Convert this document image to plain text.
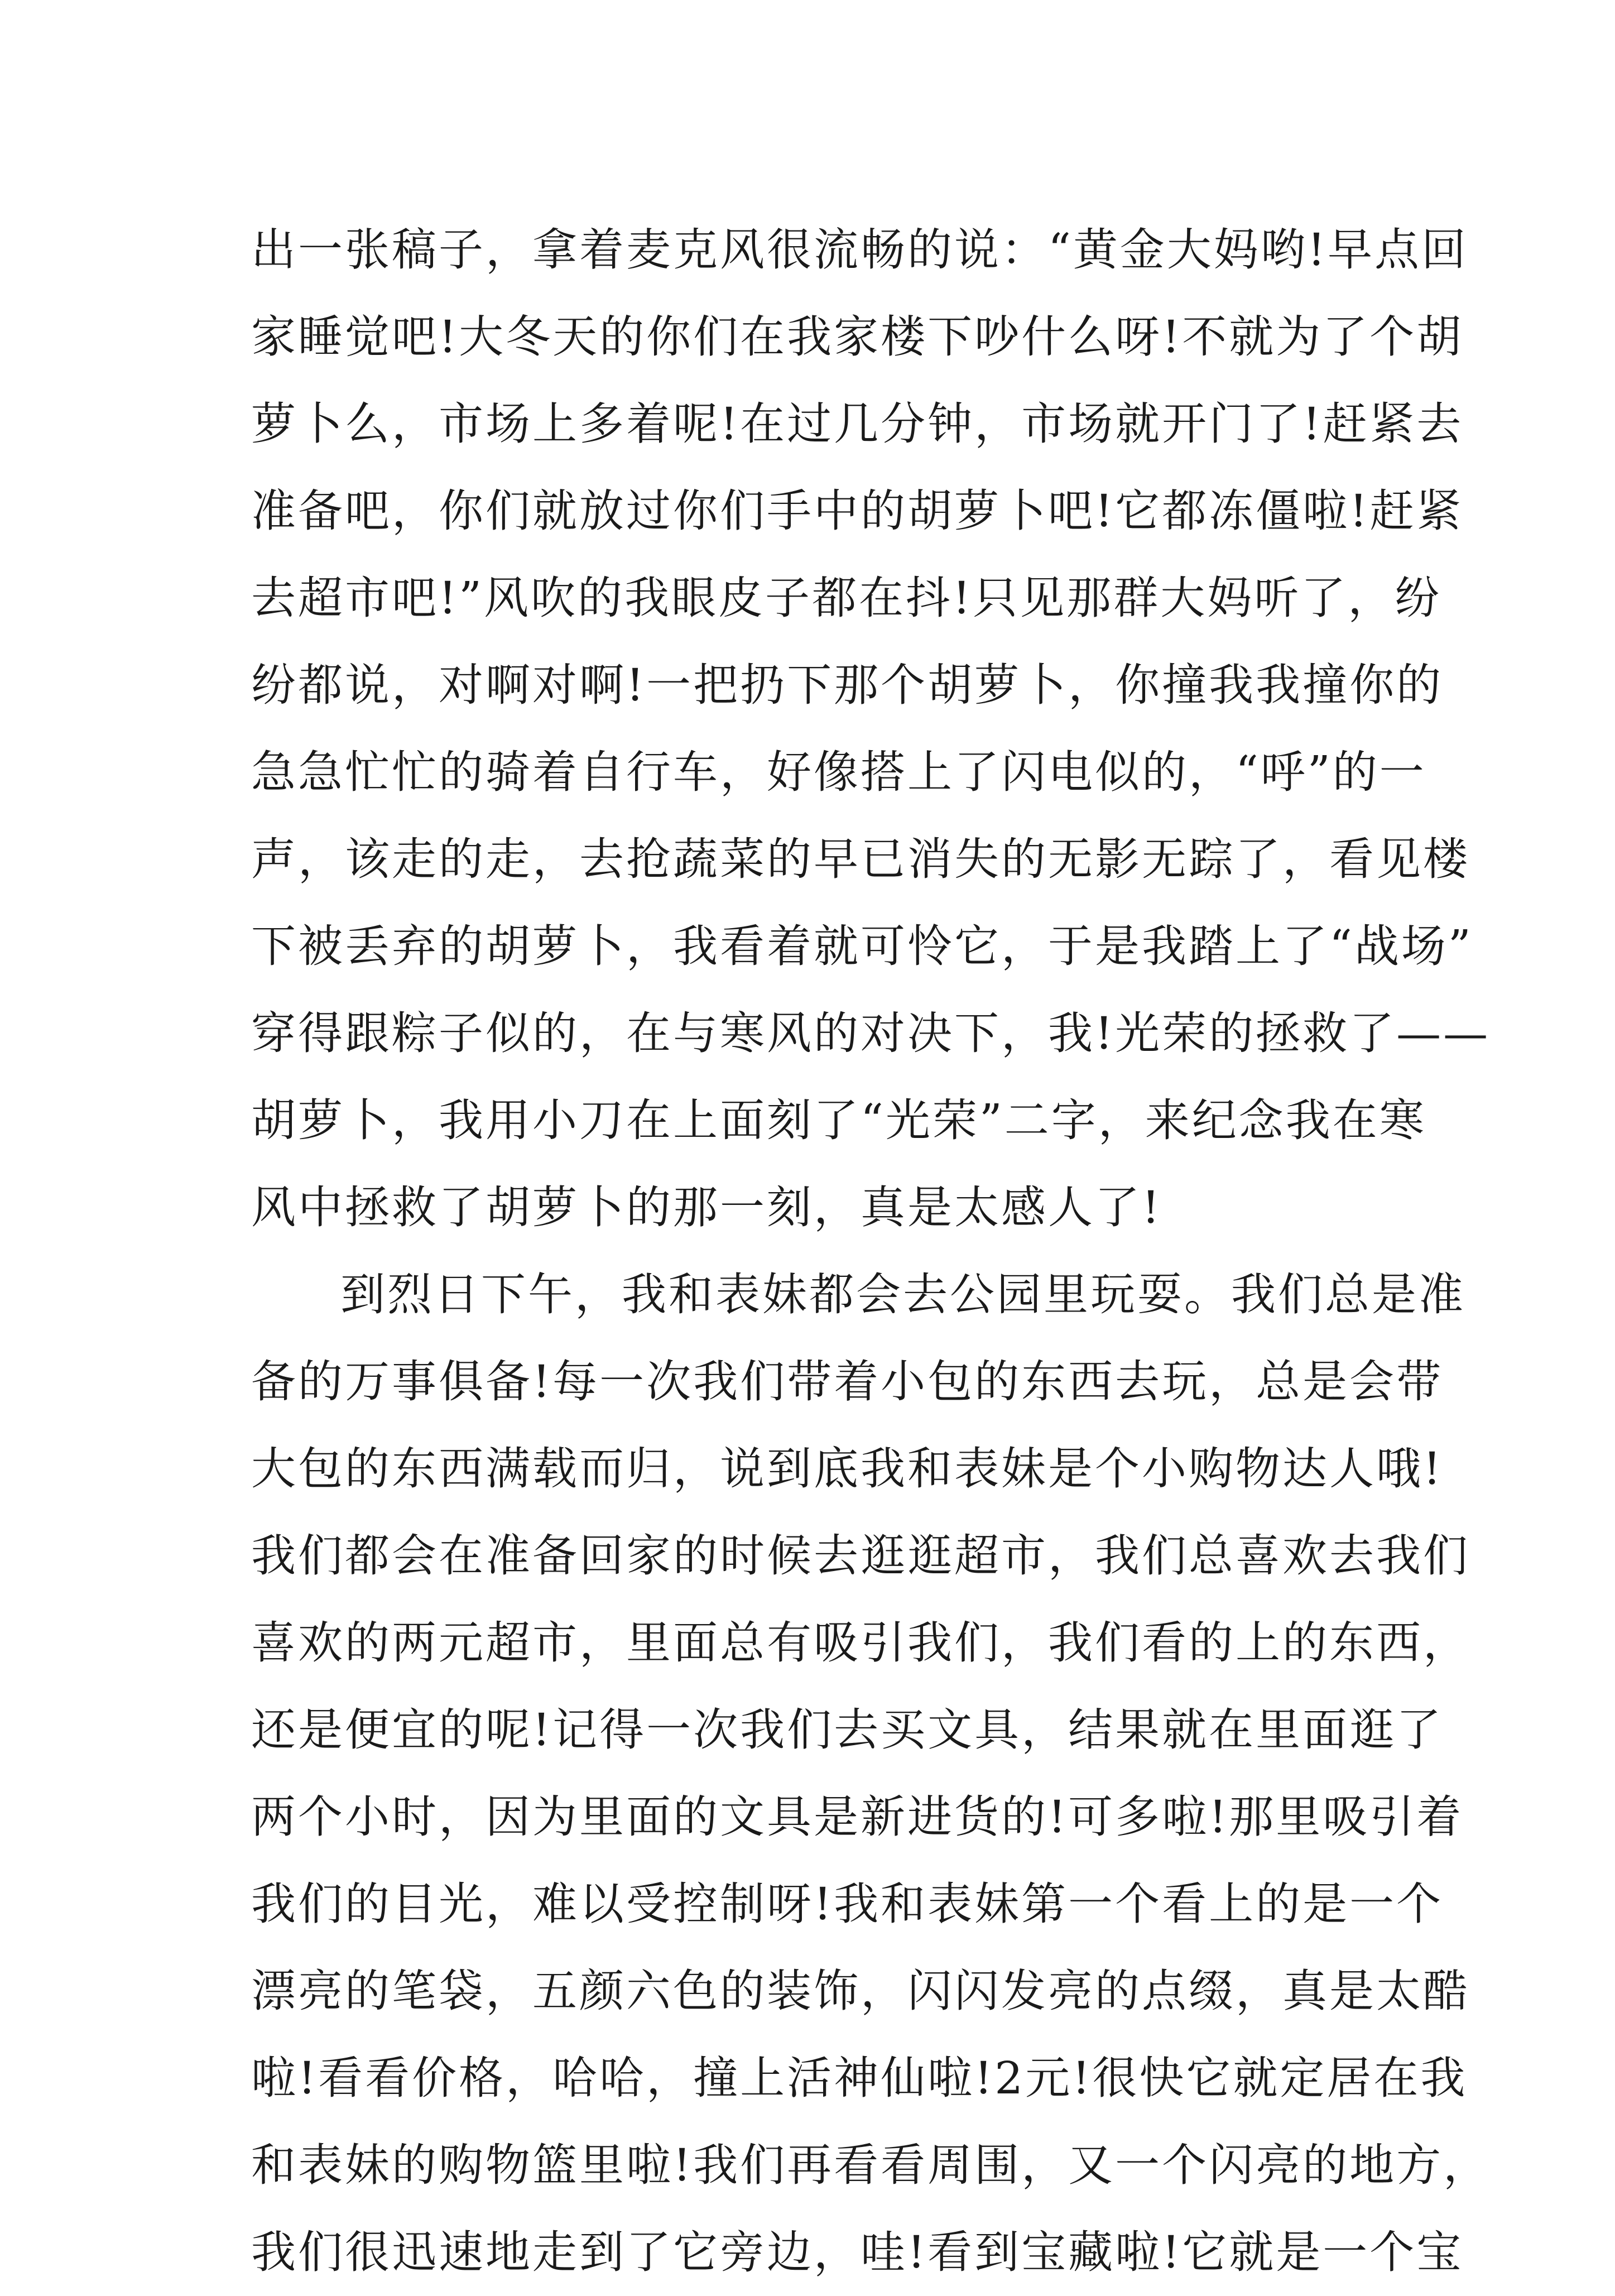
出一张稿子，拿着麦克风很流畅的说：“黄金大妈哟!早点回
家睡觉吧!大冬天的你们在我家楼下吵什么呀!不就为了个胡
萝卜么，市场上多着呢!在过几分钟，市场就开门了!赶紧去
准备吧，你们就放过你们手中的胡萝卜吧!它都冻僵啦!赶紧
去超市吧!”风吹的我眼皮子都在抖!只见那群大妈听了，纷
纷都说，对啊对啊!一把扔下那个胡萝卜，你撞我我撞你的
急急忙忙的骑着自行车，好像搭上了闪电似的，“呼”的一
声，该走的走，去抢蔬菜的早已消失的无影无踪了，看见楼
下被丢弃的胡萝卜，我看着就可怜它，于是我踏上了“战场”
穿得跟粽子似的，在与寒风的对决下，我!光荣的拯救了——
胡萝卜，我用小刀在上面刻了“光荣”二字，来纪念我在寒
风中拯救了胡萝卜的那一刻，真是太感人了!
到烈日下午，我和表妹都会去公园里玩耍。我们总是准
备的万事俱备!每一次我们带着小包的东西去玩，总是会带
大包的东西满载而归，说到底我和表妹是个小购物达人哦!
我们都会在准备回家的时候去逛逛超市，我们总喜欢去我们
喜欢的两元超市，里面总有吸引我们，我们看的上的东西，
还是便宜的呢!记得一次我们去买文具，结果就在里面逛了
两个小时，因为里面的文具是新进货的!可多啦!那里吸引着
我们的目光，难以受控制呀!我和表妹第一个看上的是一个
漂亮的笔袋，五颜六色的装饰，闪闪发亮的点缀，真是太酷
啦!看看价格，哈哈，撞上活神仙啦!2元!很快它就定居在我
和表妹的购物篮里啦!我们再看看周围，又一个闪亮的地方，
我们很迅速地走到了它旁边，哇!看到宝藏啦!它就是一个宝
